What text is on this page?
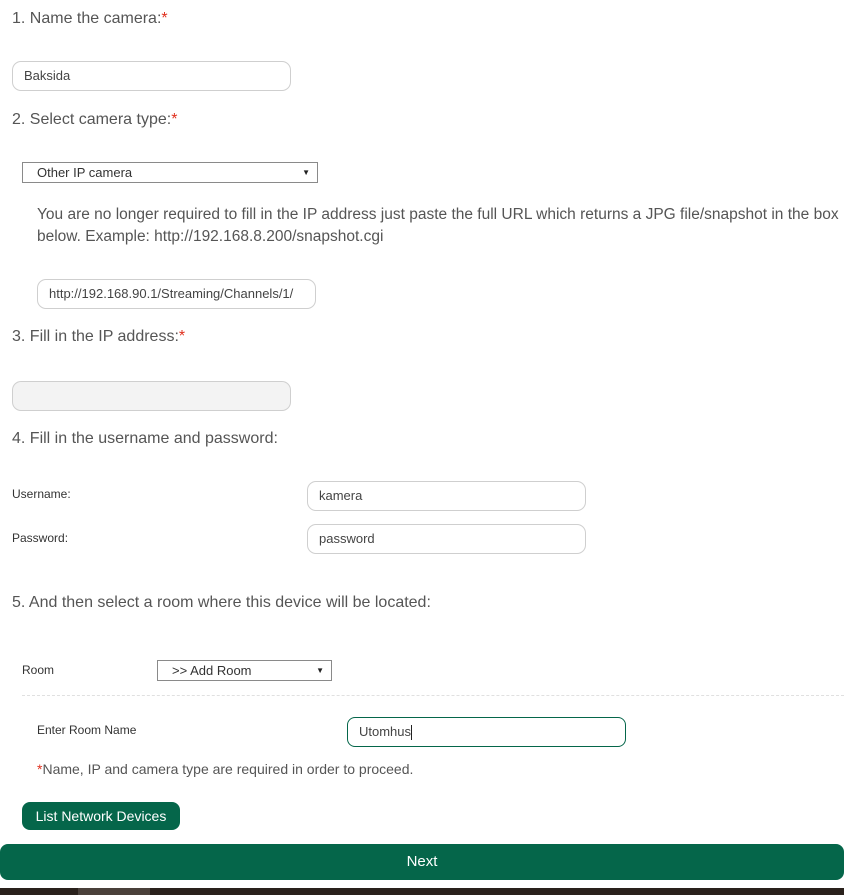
1. Name the camera:*
Baksida
2. Select camera type:*
Other IP camera	▼
You are no longer required to fill in the IP address just paste the full URL which returns a JPG file/snapshot in the box below. Example: http://192.168.8.200/snapshot.cgi
http://192.168.90.1/Streaming/Channels/1/
3. Fill in the IP address:*
4. Fill in the username and password:
Username:	kamera
Password:	password
5. And then select a room where this device will be located:
Room	>> Add Room	▼
Enter Room Name	Utomhus
*Name, IP and camera type are required in order to proceed.
List Network Devices
Next
